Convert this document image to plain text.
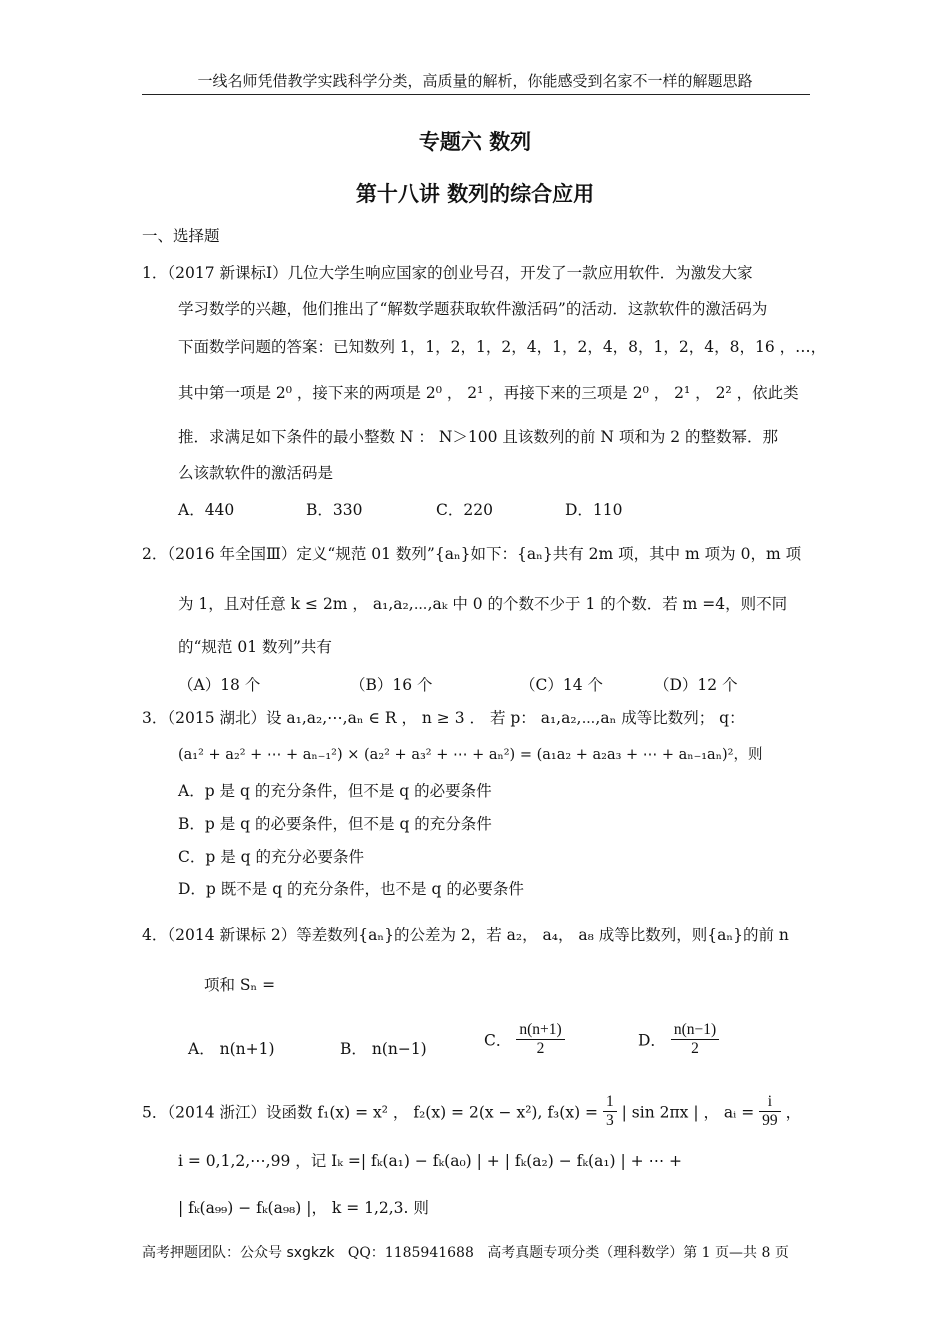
一线名师凭借教学实践科学分类，高质量的解析，你能感受到名家不一样的解题思路
专题六 数列
第十八讲 数列的综合应用
一、选择题
1．（2017 新课标Ⅰ）几位大学生响应国家的创业号召，开发了一款应用软件．为激发大家
学习数学的兴趣，他们推出了“解数学题获取软件激活码”的活动．这款软件的激活码为
下面数学问题的答案：已知数列 1，1，2，1，2，4，1，2，4，8，1，2，4，8，16 ，…，
其中第一项是 2⁰ ，接下来的两项是 2⁰ ， 2¹ ，再接下来的三项是 2⁰ ， 2¹ ， 2² ，依此类
推．求满足如下条件的最小整数 N ： N＞100 且该数列的前 N 项和为 2 的整数幂．那
么该款软件的激活码是
A．440	B．330	C．220	D．110
2．（2016 年全国Ⅲ）定义“规范 01 数列”{aₙ}如下：{aₙ}共有 2m 项，其中 m 项为 0，m 项
为 1，且对任意 k ≤ 2m ， a₁,a₂,⋯,aₖ 中 0 的个数不少于 1 的个数．若 m =4，则不同
的“规范 01 数列”共有
（A）18 个	（B）16 个	（C）14 个	（D）12 个
3．（2015 湖北）设 a₁,a₂,⋯,aₙ ∈ R ， n ≥ 3 ． 若 p： a₁,a₂,⋯,aₙ 成等比数列； q：
(a₁² + a₂² + ⋯ + aₙ₋₁²) × (a₂² + a₃² + ⋯ + aₙ²) = (a₁a₂ + a₂a₃ + ⋯ + aₙ₋₁aₙ)²，则
A．p 是 q 的充分条件，但不是 q 的必要条件
B．p 是 q 的必要条件，但不是 q 的充分条件
C．p 是 q 的充分必要条件
D．p 既不是 q 的充分条件，也不是 q 的必要条件
4．（2014 新课标 2）等差数列{aₙ}的公差为 2，若 a₂， a₄， a₈ 成等比数列，则{aₙ}的前 n
项和 Sₙ =
A． n(n+1)	B． n(n−1)	C． $\frac{n(n+1)}{2}$	D． $\frac{n(n-1)}{2}$
5．（2014 浙江）设函数 f₁(x) = x² ， f₂(x) = 2(x − x²), $f_3(x) = \frac{1}{3}$ | sin 2πx | ， aᵢ = $\frac{i}{99}$ ，
i = 0,1,2,⋯,99 ，记 Iₖ =| fₖ(a₁) − fₖ(a₀) | + | fₖ(a₂) − fₖ(a₁) | + ⋯ +
| fₖ(a₉₉) − fₖ(a₉₈) |， k = 1,2,3. 则
高考押题团队：公众号 sxgkzk   QQ：1185941688   高考真题专项分类（理科数学）第 1 页—共 8 页
